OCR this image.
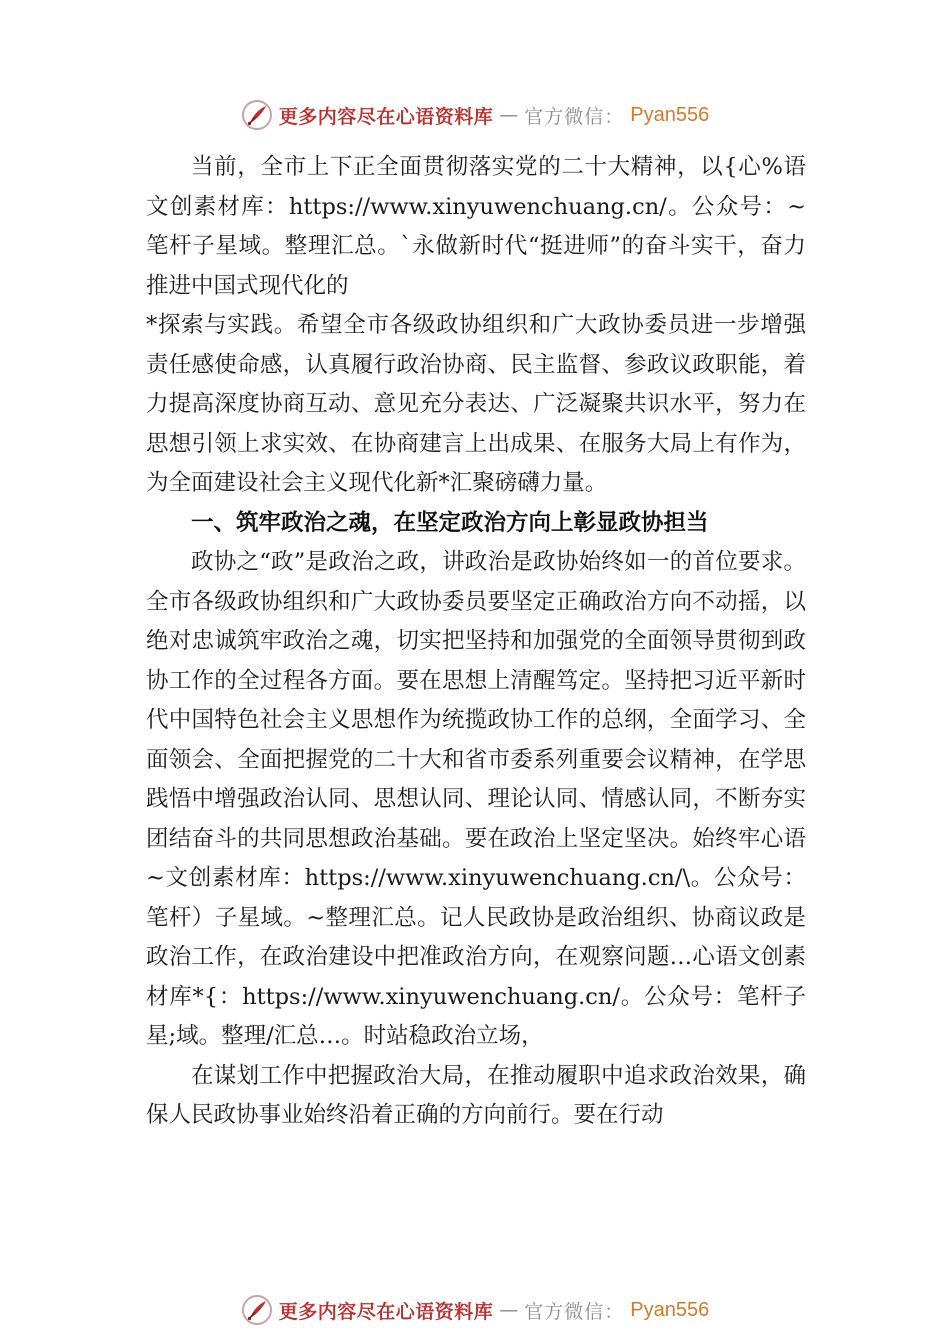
更多内容尽在心语资料库 — 官方微信： Pyan556

当前，全市上下正全面贯彻落实党的二十大精神，以{心%语文创素材库：https://www.xinyuwenchuang.cn/。公众号：~笔杆子星域。整理汇总。`永做新时代“挺进师”的奋斗实干，奋力推进中国式现代化的

*探索与实践。希望全市各级政协组织和广大政协委员进一步增强责任感使命感，认真履行政治协商、民主监督、参政议政职能，着力提高深度协商互动、意见充分表达、广泛凝聚共识水平，努力在思想引领上求实效、在协商建言上出成果、在服务大局上有作为，为全面建设社会主义现代化新*汇聚磅礴力量。

一、筑牢政治之魂，在坚定政治方向上彰显政协担当

政协之“政”是政治之政，讲政治是政协始终如一的首位要求。全市各级政协组织和广大政协委员要坚定正确政治方向不动摇，以绝对忠诚筑牢政治之魂，切实把坚持和加强党的全面领导贯彻到政协工作的全过程各方面。要在思想上清醒笃定。坚持把习近平新时代中国特色社会主义思想作为统揽政协工作的总纲，全面学习、全面领会、全面把握党的二十大和省市委系列重要会议精神，在学思践悟中增强政治认同、思想认同、理论认同、情感认同，不断夯实团结奋斗的共同思想政治基础。要在政治上坚定坚决。始终牢心语~文创素材库：https://www.xinyuwenchuang.cn/\。公众号：笔杆）子星域。~整理汇总。记人民政协是政治组织、协商议政是政治工作，在政治建设中把准政治方向，在观察问题…心语文创素材库*{：https://www.xinyuwenchuang.cn/。公众号：笔杆子星;域。整理/汇总…。时站稳政治立场，

在谋划工作中把握政治大局，在推动履职中追求政治效果，确保人民政协事业始终沿着正确的方向前行。要在行动

更多内容尽在心语资料库 — 官方微信： Pyan556
